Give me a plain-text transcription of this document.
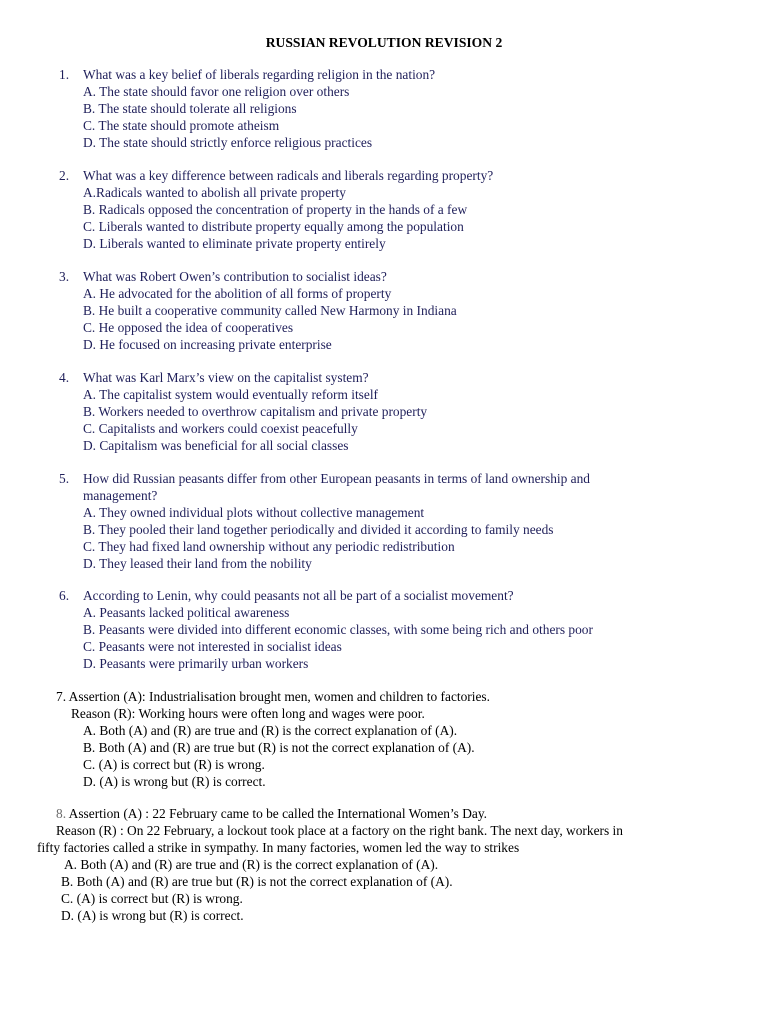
RUSSIAN REVOLUTION REVISION 2
1. What was a key belief of liberals regarding religion in the nation?
A. The state should favor one religion over others
B. The state should tolerate all religions
C. The state should promote atheism
D. The state should strictly enforce religious practices
2. What was a key difference between radicals and liberals regarding property?
A.Radicals wanted to abolish all private property
B. Radicals opposed the concentration of property in the hands of a few
C. Liberals wanted to distribute property equally among the population
D. Liberals wanted to eliminate private property entirely
3. What was Robert Owen’s contribution to socialist ideas?
A. He advocated for the abolition of all forms of property
B. He built a cooperative community called New Harmony in Indiana
C. He opposed the idea of cooperatives
D. He focused on increasing private enterprise
4. What was Karl Marx’s view on the capitalist system?
A. The capitalist system would eventually reform itself
B. Workers needed to overthrow capitalism and private property
C. Capitalists and workers could coexist peacefully
D. Capitalism was beneficial for all social classes
5. How did Russian peasants differ from other European peasants in terms of land ownership and
management?
A. They owned individual plots without collective management
B. They pooled their land together periodically and divided it according to family needs
C. They had fixed land ownership without any periodic redistribution
D. They leased their land from the nobility
6. According to Lenin, why could peasants not all be part of a socialist movement?
A. Peasants lacked political awareness
B. Peasants were divided into different economic classes, with some being rich and others poor
C. Peasants were not interested in socialist ideas
D. Peasants were primarily urban workers
7. Assertion (A): Industrialisation brought men, women and children to factories.
Reason (R): Working hours were often long and wages were poor.
A. Both (A) and (R) are true and (R) is the correct explanation of (A).
B. Both (A) and (R) are true but (R) is not the correct explanation of (A).
C. (A) is correct but (R) is wrong.
D. (A) is wrong but (R) is correct.
8. Assertion (A) : 22 February came to be called the International Women’s Day.
Reason (R) : On 22 February, a lockout took place at a factory on the right bank. The next day, workers in
fifty factories called a strike in sympathy. In many factories, women led the way to strikes
A. Both (A) and (R) are true and (R) is the correct explanation of (A).
B. Both (A) and (R) are true but (R) is not the correct explanation of (A).
C. (A) is correct but (R) is wrong.
D. (A) is wrong but (R) is correct.
